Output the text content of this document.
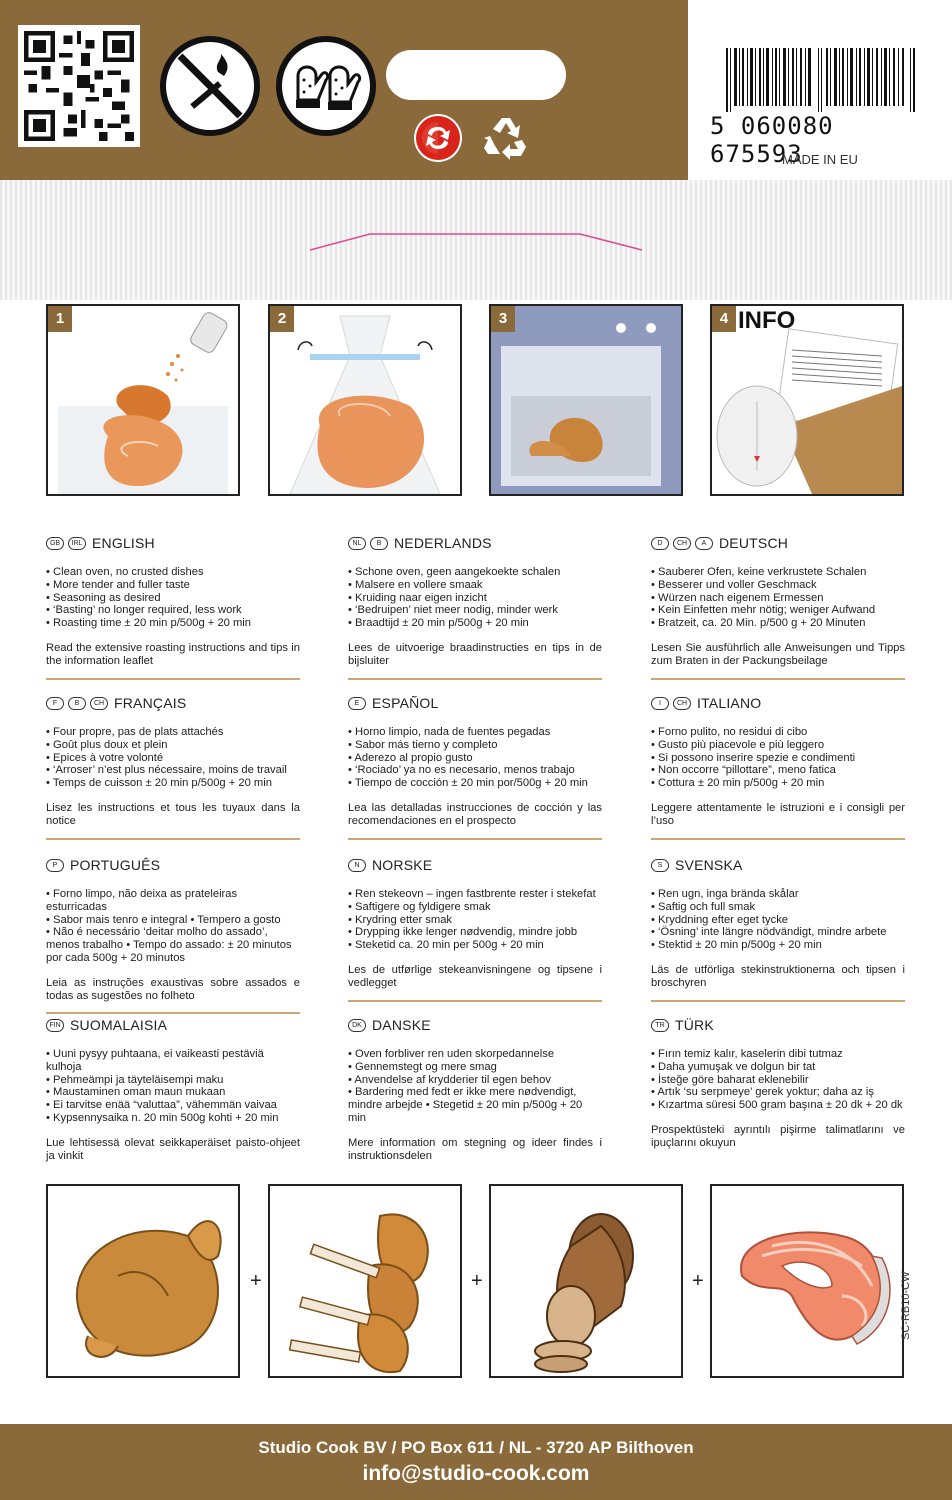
5 060080 675593
MADE IN EU
1	2	3	4 INFO
GB	IRL ENGLISH
• Clean oven, no crusted dishes
• More tender and fuller taste
• Seasoning as desired
• ‘Basting’ no longer required, less work
• Roasting time ± 20 min p/500g + 20 min
Read the extensive roasting instructions and tips in the information leaflet
NL	B NEDERLANDS
• Schone oven, geen aangekoekte schalen
• Malsere en vollere smaak
• Kruiding naar eigen inzicht
• ‘Bedruipen’ niet meer nodig, minder werk
• Braadtijd ± 20 min p/500g + 20 min
Lees de uitvoerige braadinstructies en tips in de bijsluiter
D	CH	A DEUTSCH
• Sauberer Ofen, keine verkrustete Schalen
• Besserer und voller Geschmack
• Würzen nach eigenem Ermessen
• Kein Einfetten mehr nötig; weniger Aufwand
• Bratzeit, ca. 20 Min. p/500 g + 20 Minuten
Lesen Sie ausführlich alle Anweisungen und Tipps zum Braten in der Packungsbeilage
F	B	CH FRANÇAIS
• Four propre, pas de plats attachés
• Goût plus doux et plein
• Epices à votre volonté
• ‘Arroser’ n’est plus nécessaire, moins de travail
• Temps de cuisson ± 20 min p/500g + 20 min
Lisez les instructions et tous les tuyaux dans la notice
E ESPAÑOL
• Horno limpio, nada de fuentes pegadas
• Sabor más tierno y completo
• Aderezo al propio gusto
• ‘Rociado’ ya no es necesario, menos trabajo
• Tiempo de cocción ± 20 min por/500g + 20 min
Lea las detalladas instrucciones de cocción y las recomendaciones en el prospecto
I	CH ITALIANO
• Forno pulito, no residui di cibo
• Gusto più piacevole e più leggero
• Si possono inserire spezie e condimenti
• Non occorre “pillottare”, meno fatica
• Cottura ± 20 min p/500g + 20 min
Leggere attentamente le istruzioni e i consigli per l’uso
P PORTUGUÊS
• Forno limpo, não deixa as prateleiras esturricadas
• Sabor mais tenro e integral • Tempero a gosto
• Não é necessário ‘deitar molho do assado’, menos trabalho • Tempo do assado: ± 20 minutos por cada 500g + 20 minutos
Leia as instruções exaustivas sobre assados e todas as sugestões no folheto
N NORSKE
• Ren stekeovn – ingen fastbrente rester i stekefat
• Saftigere og fyldigere smak
• Krydring etter smak
• Drypping ikke lenger nødvendig, mindre jobb
• Steketid ca. 20 min per 500g + 20 min
Les de utførlige stekeanvisningene og tipsene i vedlegget
S SVENSKA
• Ren ugn, inga brända skålar
• Saftig och full smak
• Kryddning efter eget tycke
• ‘Ösning’ inte längre nödvändigt, mindre arbete
• Stektid ± 20 min p/500g + 20 min
Läs de utförliga stekinstruktionerna och tipsen i broschyren
FIN SUOMALAISIA
• Uuni pysyy puhtaana, ei vaikeasti pestäviä kulhoja
• Pehmeämpi ja täyteläisempi maku
• Maustaminen oman maun mukaan
• Ei tarvitse enää “valuttaa”, vähemmän vaivaa
• Kypsennysaika n. 20 min 500g kohti + 20 min
Lue lehtisessä olevat seikkaperäiset paisto-ohjeet ja vinkit
DK DANSKE
• Oven forbliver ren uden skorpedannelse
• Gennemstegt og mere smag
• Anvendelse af krydderier til egen behov
• Bardering med fedt er ikke mere nødvendigt, mindre arbejde • Stegetid ± 20 min p/500g + 20 min
Mere information om stegning og ideer findes i instruktionsdelen
TR TÜRK
• Fırın temiz kalır, kaselerin dibi tutmaz
• Daha yumuşak ve dolgun bir tat
• İsteğe göre baharat eklenebilir
• Artık ‘su serpmeye’ gerek yoktur; daha az iş
• Kızartma süresi 500 gram başına ± 20 dk + 20 dk
Prospektüsteki ayrıntılı pişirme talimatlarını ve ipuçlarını okuyun
+	+	+	SC-RB10-CW
Studio Cook BV / PO Box 611 / NL - 3720 AP Bilthoven
info@studio-cook.com
